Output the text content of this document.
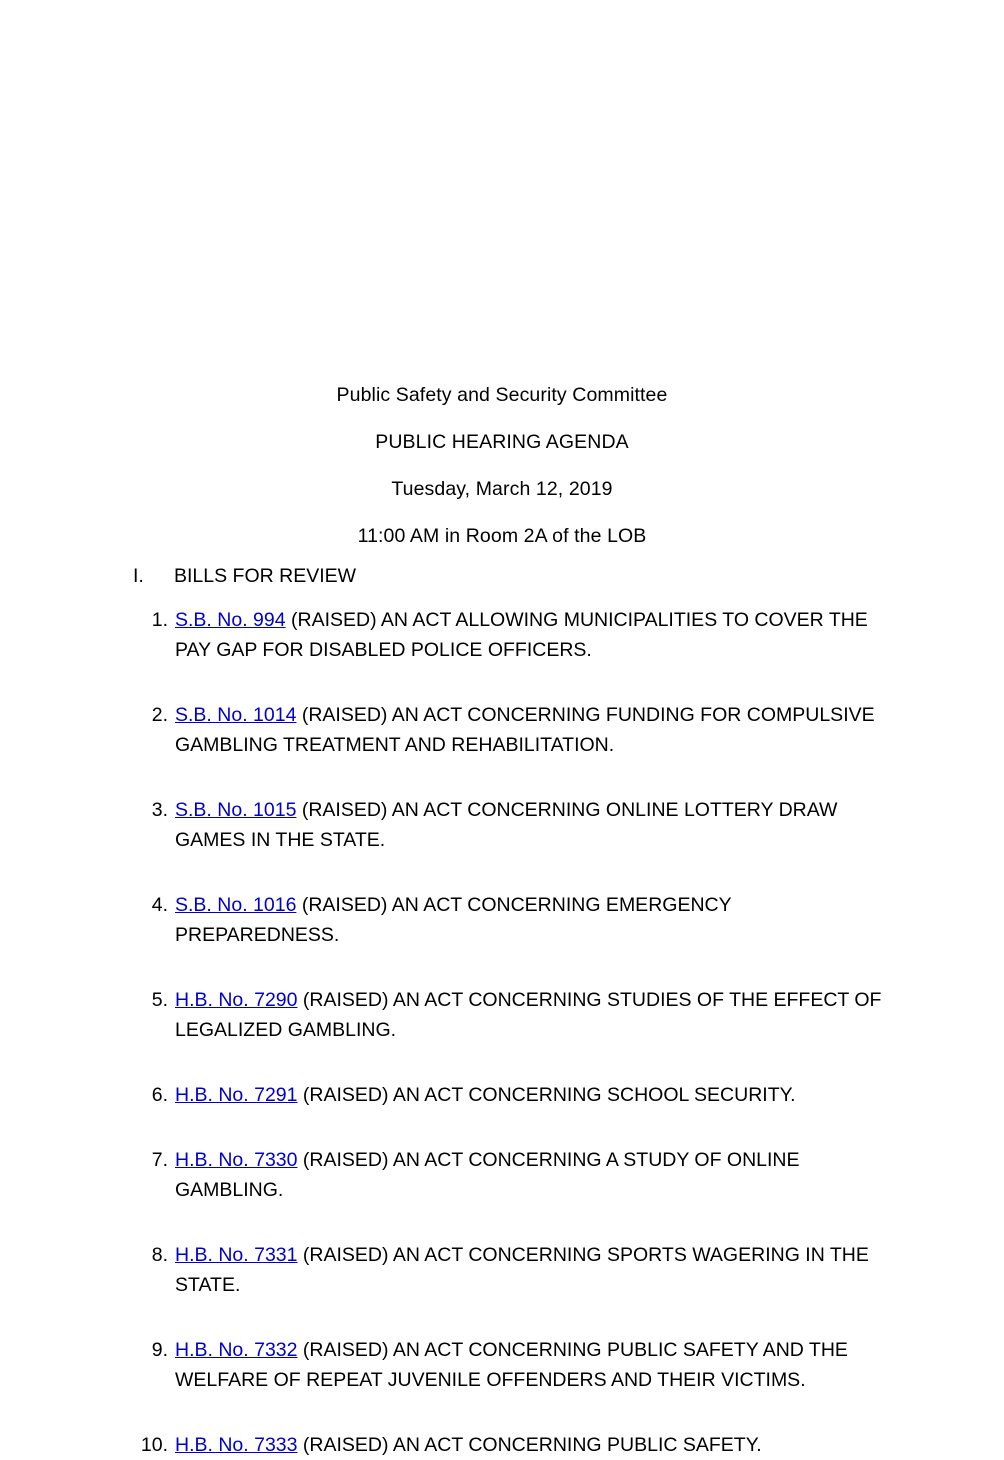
Public Safety and Security Committee
PUBLIC HEARING AGENDA
Tuesday, March 12, 2019
11:00 AM in Room 2A of the LOB
I. BILLS FOR REVIEW
1. S.B. No. 994 (RAISED) AN ACT ALLOWING MUNICIPALITIES TO COVER THE PAY GAP FOR DISABLED POLICE OFFICERS.
2. S.B. No. 1014 (RAISED) AN ACT CONCERNING FUNDING FOR COMPULSIVE GAMBLING TREATMENT AND REHABILITATION.
3. S.B. No. 1015 (RAISED) AN ACT CONCERNING ONLINE LOTTERY DRAW GAMES IN THE STATE.
4. S.B. No. 1016 (RAISED) AN ACT CONCERNING EMERGENCY PREPAREDNESS.
5. H.B. No. 7290 (RAISED) AN ACT CONCERNING STUDIES OF THE EFFECT OF LEGALIZED GAMBLING.
6. H.B. No. 7291 (RAISED) AN ACT CONCERNING SCHOOL SECURITY.
7. H.B. No. 7330 (RAISED) AN ACT CONCERNING A STUDY OF ONLINE GAMBLING.
8. H.B. No. 7331 (RAISED) AN ACT CONCERNING SPORTS WAGERING IN THE STATE.
9. H.B. No. 7332 (RAISED) AN ACT CONCERNING PUBLIC SAFETY AND THE WELFARE OF REPEAT JUVENILE OFFENDERS AND THEIR VICTIMS.
10. H.B. No. 7333 (RAISED) AN ACT CONCERNING PUBLIC SAFETY.
